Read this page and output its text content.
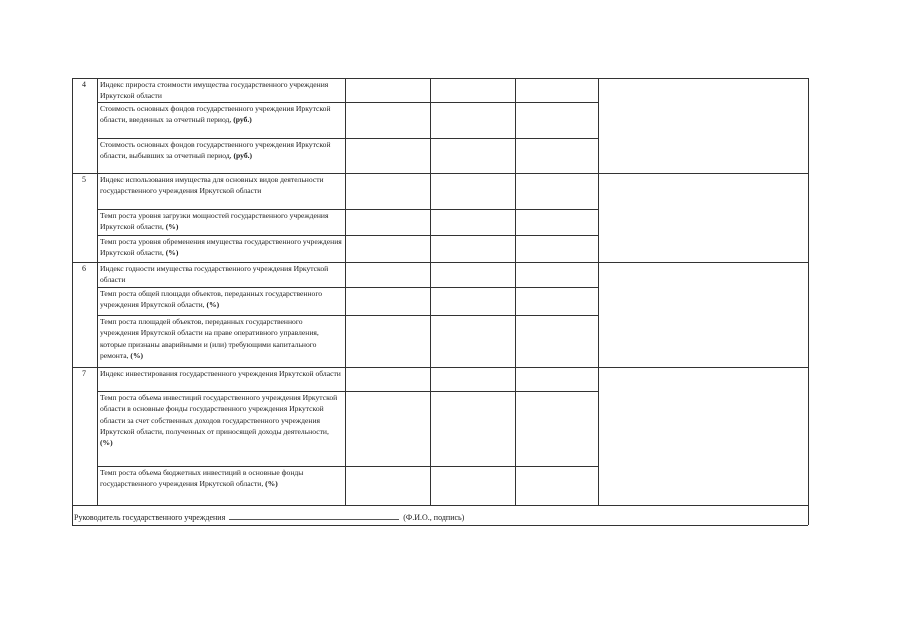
4 Индекс прироста стоимости имущества государственного учреждения Иркутской области
Стоимость основных фондов государственного учреждения Иркутской области, введенных за отчетный период, (руб.)
Стоимость основных фондов государственного учреждения Иркутской области, выбывших за отчетный период, (руб.)
5 Индекс использования имущества для основных видов деятельности государственного учреждения Иркутской области
Темп роста уровня загрузки мощностей государственного учреждения Иркутской области, (%)
Темп роста уровня обременения имущества государственного учреждения Иркутской области, (%)
6 Индекс годности имущества государственного учреждения Иркутской области
Темп роста общей площади объектов, переданных государственного учреждения Иркутской области, (%)
Темп роста площадей объектов, переданных государственного учреждения Иркутской области на праве оперативного управления, которые признаны аварийными и (или) требующими капитального ремонта, (%)
7 Индекс инвестирования государственного учреждения Иркутской области
Темп роста объема инвестиций государственного учреждения Иркутской области в основные фонды государственного учреждения Иркутской области за счет собственных доходов государственного учреждения Иркутской области, полученных от приносящей доходы деятельности, (%)
Темп роста объема бюджетных инвестиций в основные фонды государственного учреждения Иркутской области, (%)
Руководитель государственного учреждения	(Ф.И.О., подпись)
